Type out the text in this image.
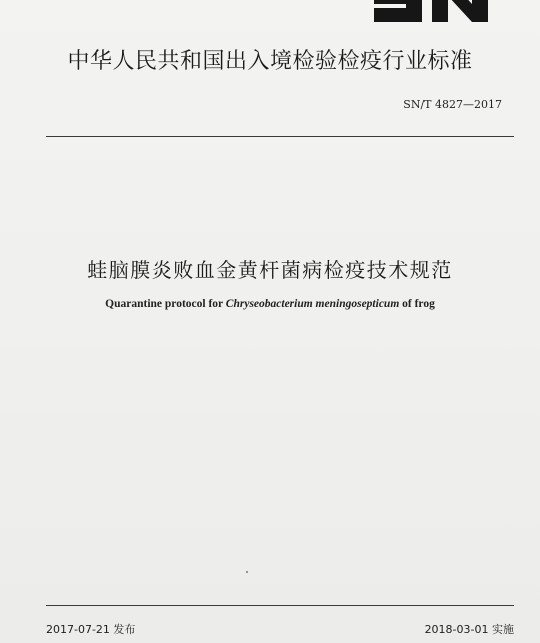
中华人民共和国出入境检验检疫行业标准
SN/T 4827—2017
蛙脑膜炎败血金黄杆菌病检疫技术规范
Quarantine protocol for Chryseobacterium meningosepticum of frog
2017-07-21 发布	2018-03-01 实施
